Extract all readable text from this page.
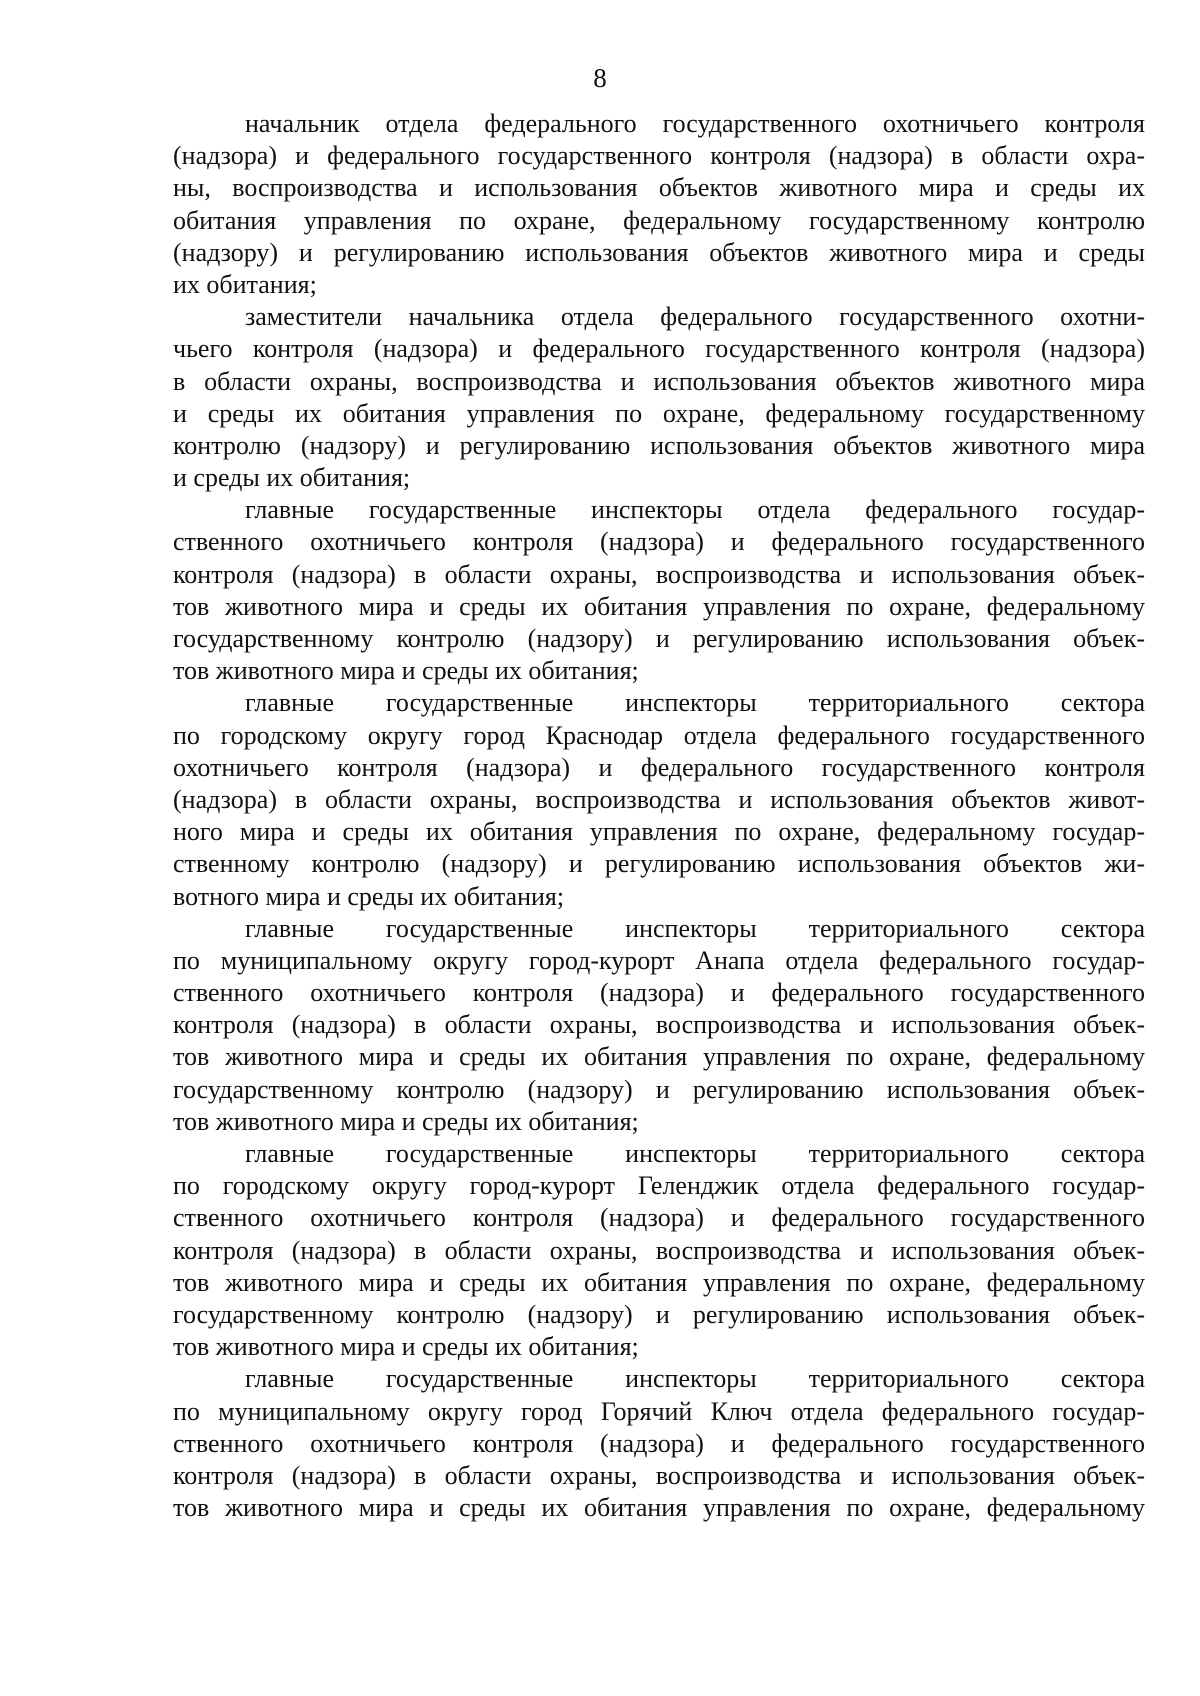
8
начальник отдела федерального государственного охотничьего контроля
(надзора) и федерального государственного контроля (надзора) в области охра-
ны, воспроизводства и использования объектов животного мира и среды их
обитания управления по охране, федеральному государственному контролю
(надзору) и регулированию использования объектов животного мира и среды
их обитания;
заместители начальника отдела федерального государственного охотни-
чьего контроля (надзора) и федерального государственного контроля (надзора)
в области охраны, воспроизводства и использования объектов животного мира
и среды их обитания управления по охране, федеральному государственному
контролю (надзору) и регулированию использования объектов животного мира
и среды их обитания;
главные государственные инспекторы отдела федерального государ-
ственного охотничьего контроля (надзора) и федерального государственного
контроля (надзора) в области охраны, воспроизводства и использования объек-
тов животного мира и среды их обитания управления по охране, федеральному
государственному контролю (надзору) и регулированию использования объек-
тов животного мира и среды их обитания;
главные государственные инспекторы территориального сектора
по городскому округу город Краснодар отдела федерального государственного
охотничьего контроля (надзора) и федерального государственного контроля
(надзора) в области охраны, воспроизводства и использования объектов живот-
ного мира и среды их обитания управления по охране, федеральному государ-
ственному контролю (надзору) и регулированию использования объектов жи-
вотного мира и среды их обитания;
главные государственные инспекторы территориального сектора
по муниципальному округу город-курорт Анапа отдела федерального государ-
ственного охотничьего контроля (надзора) и федерального государственного
контроля (надзора) в области охраны, воспроизводства и использования объек-
тов животного мира и среды их обитания управления по охране, федеральному
государственному контролю (надзору) и регулированию использования объек-
тов животного мира и среды их обитания;
главные государственные инспекторы территориального сектора
по городскому округу город-курорт Геленджик отдела федерального государ-
ственного охотничьего контроля (надзора) и федерального государственного
контроля (надзора) в области охраны, воспроизводства и использования объек-
тов животного мира и среды их обитания управления по охране, федеральному
государственному контролю (надзору) и регулированию использования объек-
тов животного мира и среды их обитания;
главные государственные инспекторы территориального сектора
по муниципальному округу город Горячий Ключ отдела федерального государ-
ственного охотничьего контроля (надзора) и федерального государственного
контроля (надзора) в области охраны, воспроизводства и использования объек-
тов животного мира и среды их обитания управления по охране, федеральному
